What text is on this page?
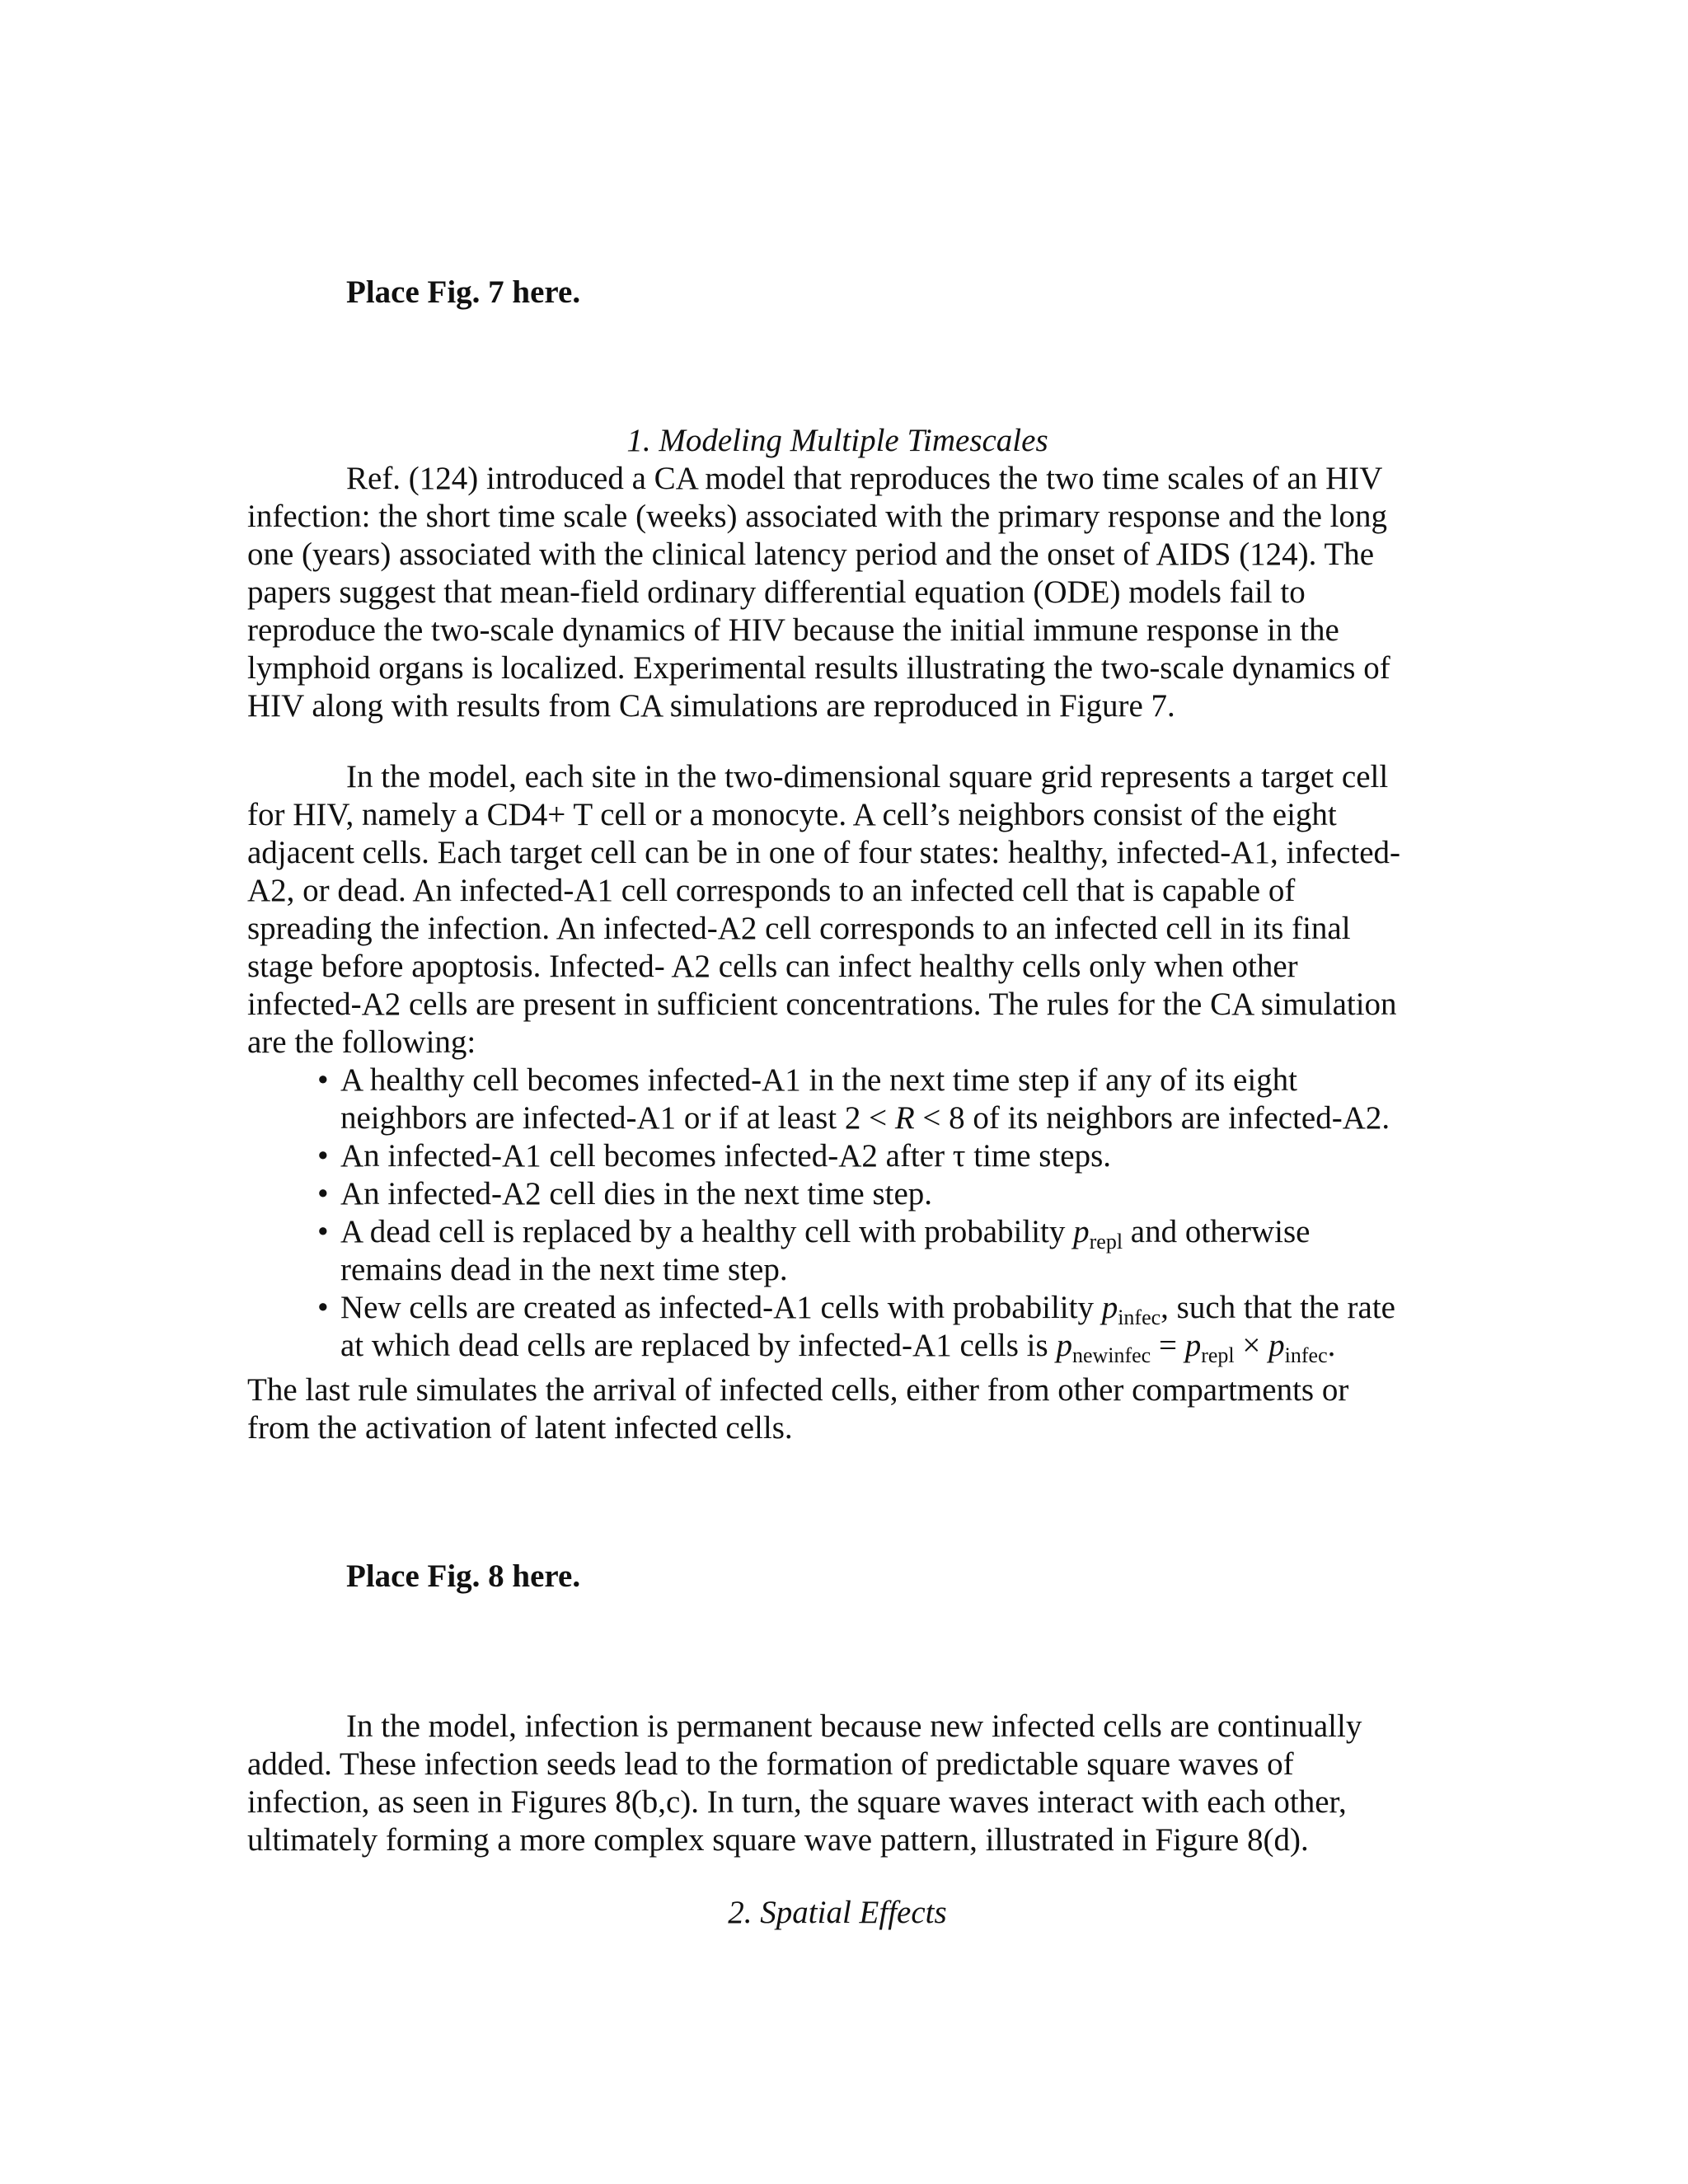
Place Fig. 7 here.
1. Modeling Multiple Timescales
Ref. (124) introduced a CA model that reproduces the two time scales of an HIV
infection: the short time scale (weeks) associated with the primary response and the long
one (years) associated with the clinical latency period and the onset of AIDS (124). The
papers suggest that mean-field ordinary differential equation (ODE) models fail to
reproduce the two-scale dynamics of HIV because the initial immune response in the
lymphoid organs is localized. Experimental results illustrating the two-scale dynamics of
HIV along with results from CA simulations are reproduced in Figure 7.
In the model, each site in the two-dimensional square grid represents a target cell
for HIV, namely a CD4+ T cell or a monocyte. A cell’s neighbors consist of the eight
adjacent cells. Each target cell can be in one of four states: healthy, infected-A1, infected-
A2, or dead. An infected-A1 cell corresponds to an infected cell that is capable of
spreading the infection. An infected-A2 cell corresponds to an infected cell in its final
stage before apoptosis. Infected- A2 cells can infect healthy cells only when other
infected-A2 cells are present in sufficient concentrations. The rules for the CA simulation
are the following:
• A healthy cell becomes infected-A1 in the next time step if any of its eight
neighbors are infected-A1 or if at least 2 < R < 8 of its neighbors are infected-A2.
• An infected-A1 cell becomes infected-A2 after τ time steps.
• An infected-A2 cell dies in the next time step.
• A dead cell is replaced by a healthy cell with probability $p_{repl}$ and otherwise
remains dead in the next time step.
• New cells are created as infected-A1 cells with probability $p_{infec}$, such that the rate
at which dead cells are replaced by infected-A1 cells is $p_{newinfec} = p_{repl} \times p_{infec}$.
The last rule simulates the arrival of infected cells, either from other compartments or
from the activation of latent infected cells.
Place Fig. 8 here.
In the model, infection is permanent because new infected cells are continually
added. These infection seeds lead to the formation of predictable square waves of
infection, as seen in Figures 8(b,c). In turn, the square waves interact with each other,
ultimately forming a more complex square wave pattern, illustrated in Figure 8(d).
2. Spatial Effects
